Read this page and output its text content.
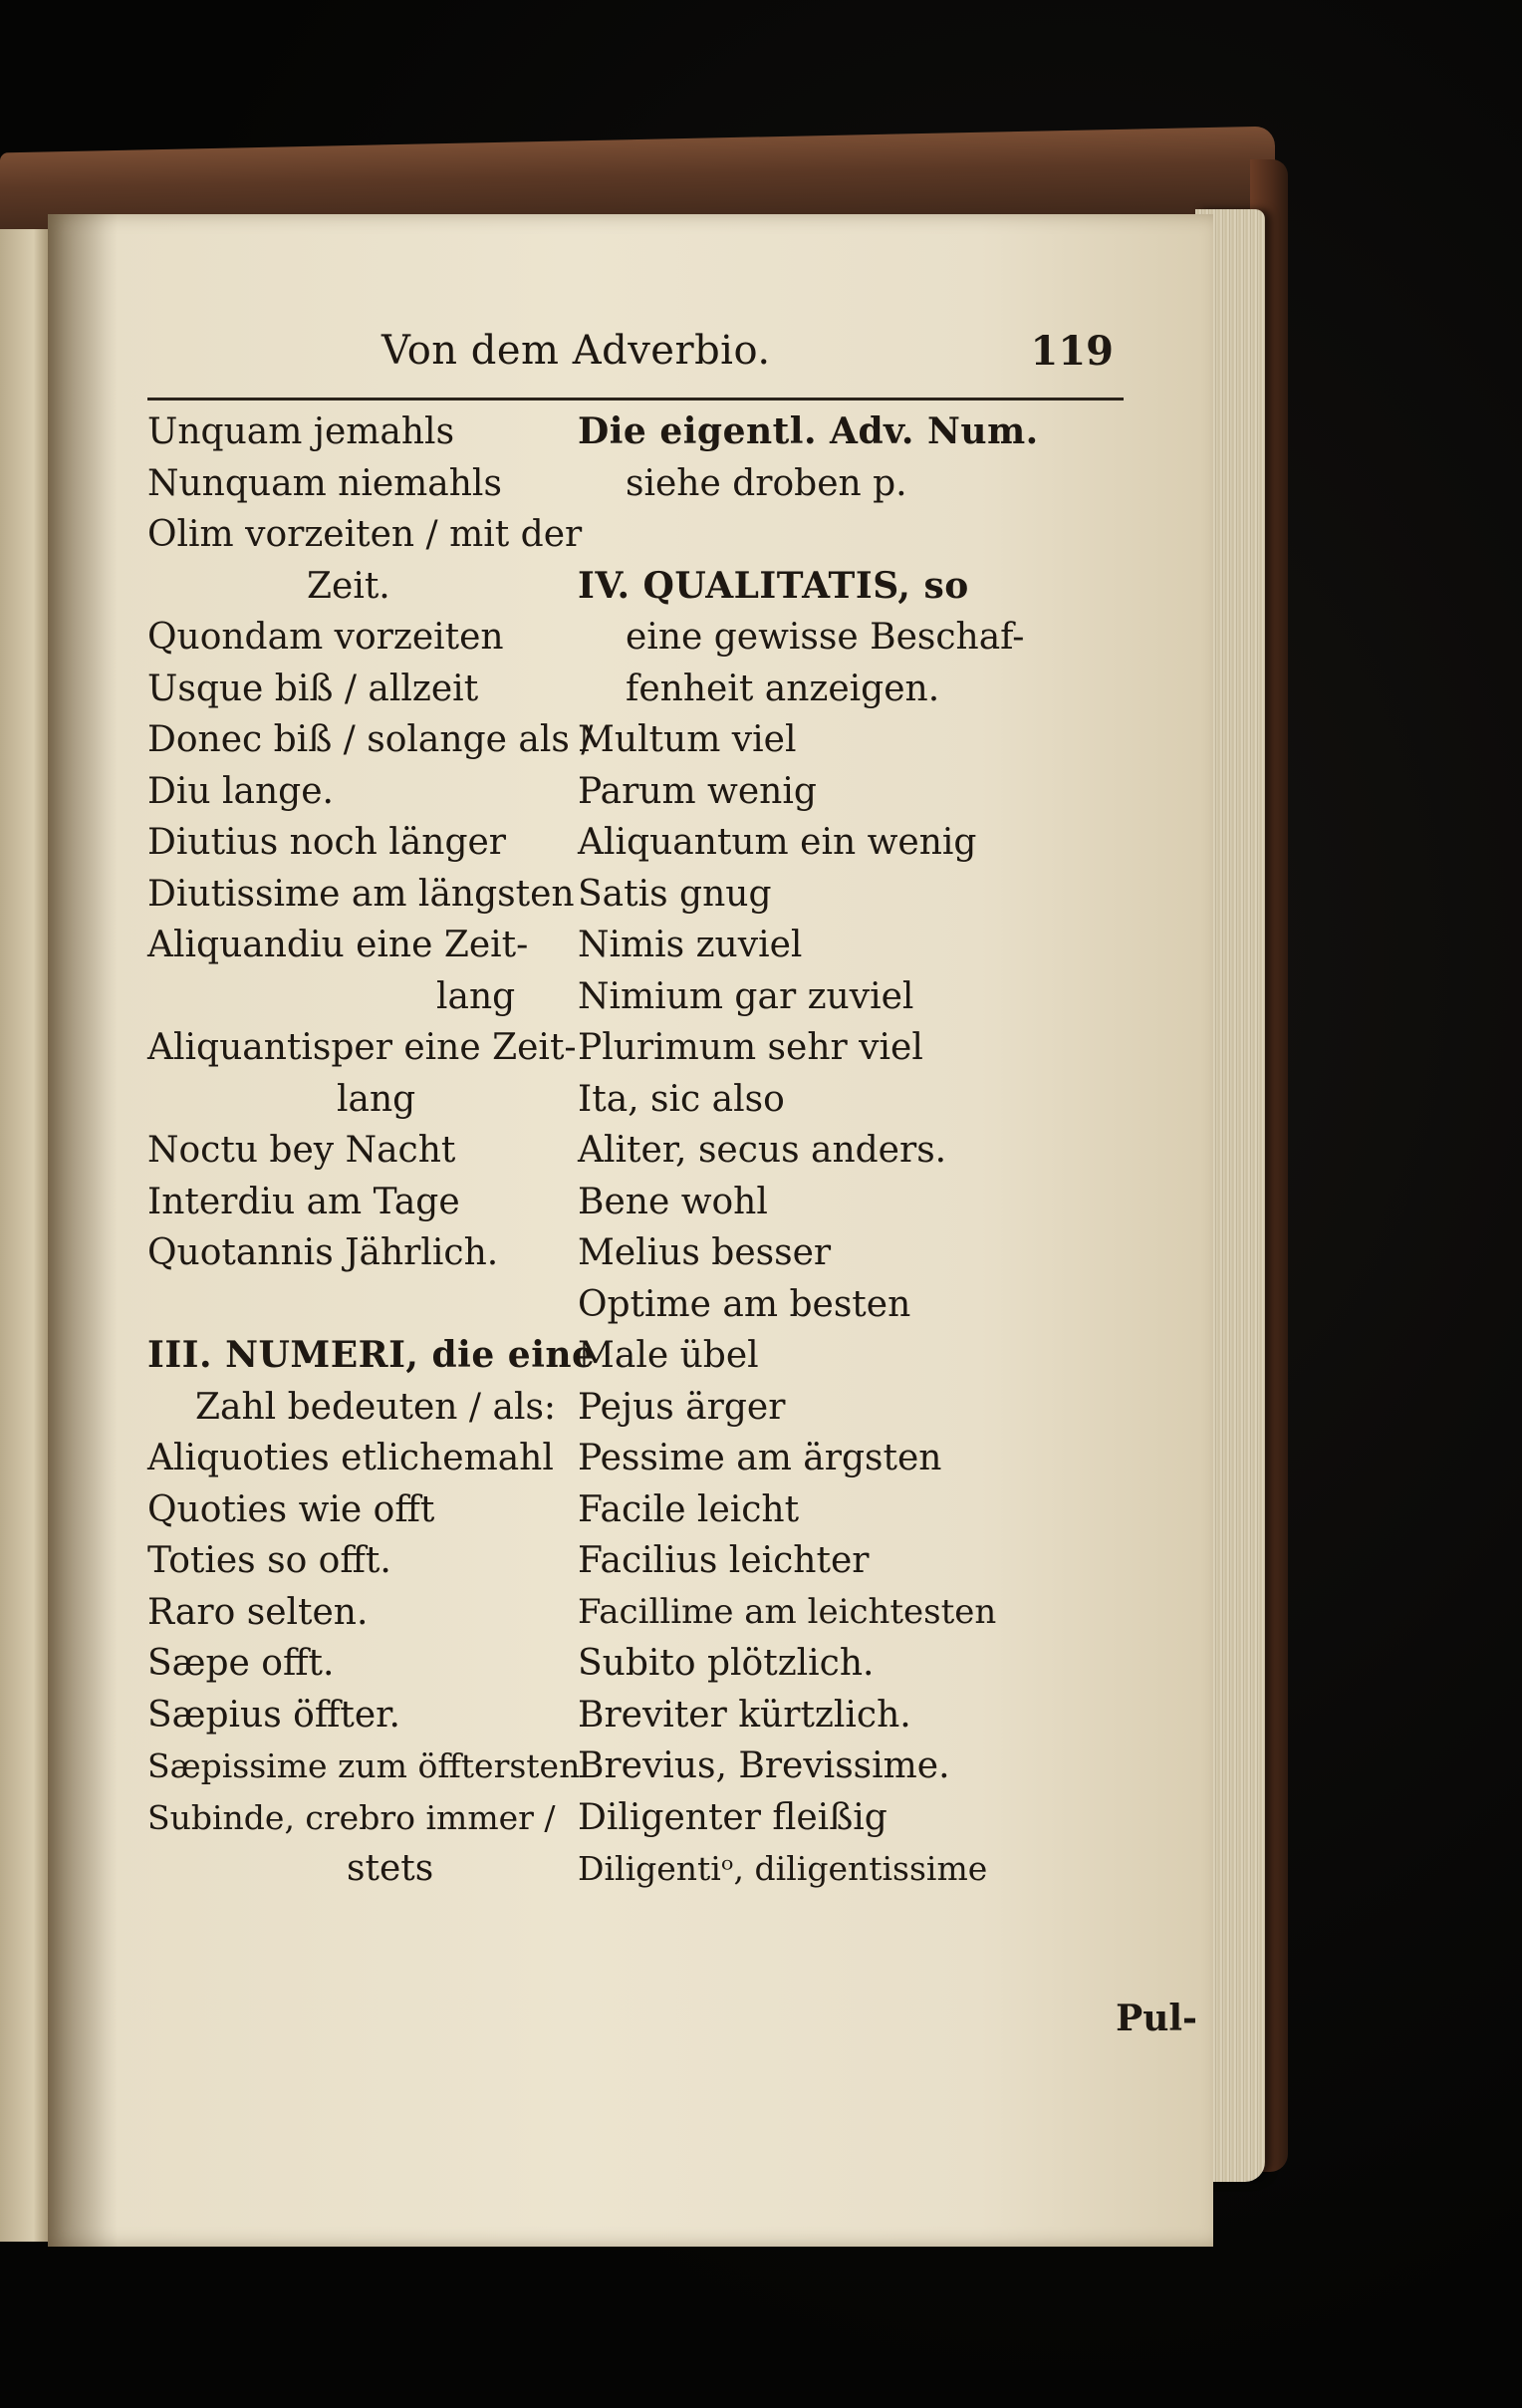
Von dem Adverbio.	119
Unquam jemahls
Nunquam niemahls
Olim vorzeiten / mit der
Zeit.
Quondam vorzeiten
Usque biß / allzeit
Donec biß / solange als /
Diu lange.
Diutius noch länger
Diutissime am längsten
Aliquandiu eine Zeit-
lang
Aliquantisper eine Zeit-
lang
Noctu bey Nacht
Interdiu am Tage
Quotannis Jährlich.
III. NUMERI, die eine
Zahl bedeuten / als:
Aliquoties etlichemahl
Quoties wie offt
Toties so offt.
Raro selten.
Sæpe offt.
Sæpius öffter.
Sæpissime zum öfftersten
Subinde, crebro immer /
stets
Die eigentl. Adv. Num.
siehe droben p.
IV. QUALITATIS, so
eine gewisse Beschaf-
fenheit anzeigen.
Multum viel
Parum wenig
Aliquantum ein wenig
Satis gnug
Nimis zuviel
Nimium gar zuviel
Plurimum sehr viel
Ita, sic also
Aliter, secus anders.
Bene wohl
Melius besser
Optime am besten
Male übel
Pejus ärger
Pessime am ärgsten
Facile leicht
Facilius leichter
Facillime am leichtesten
Subito plötzlich.
Breviter kürtzlich.
Brevius, Brevissime.
Diligenter fleißig
Diligentiᵒ, diligentissime
Pul-
